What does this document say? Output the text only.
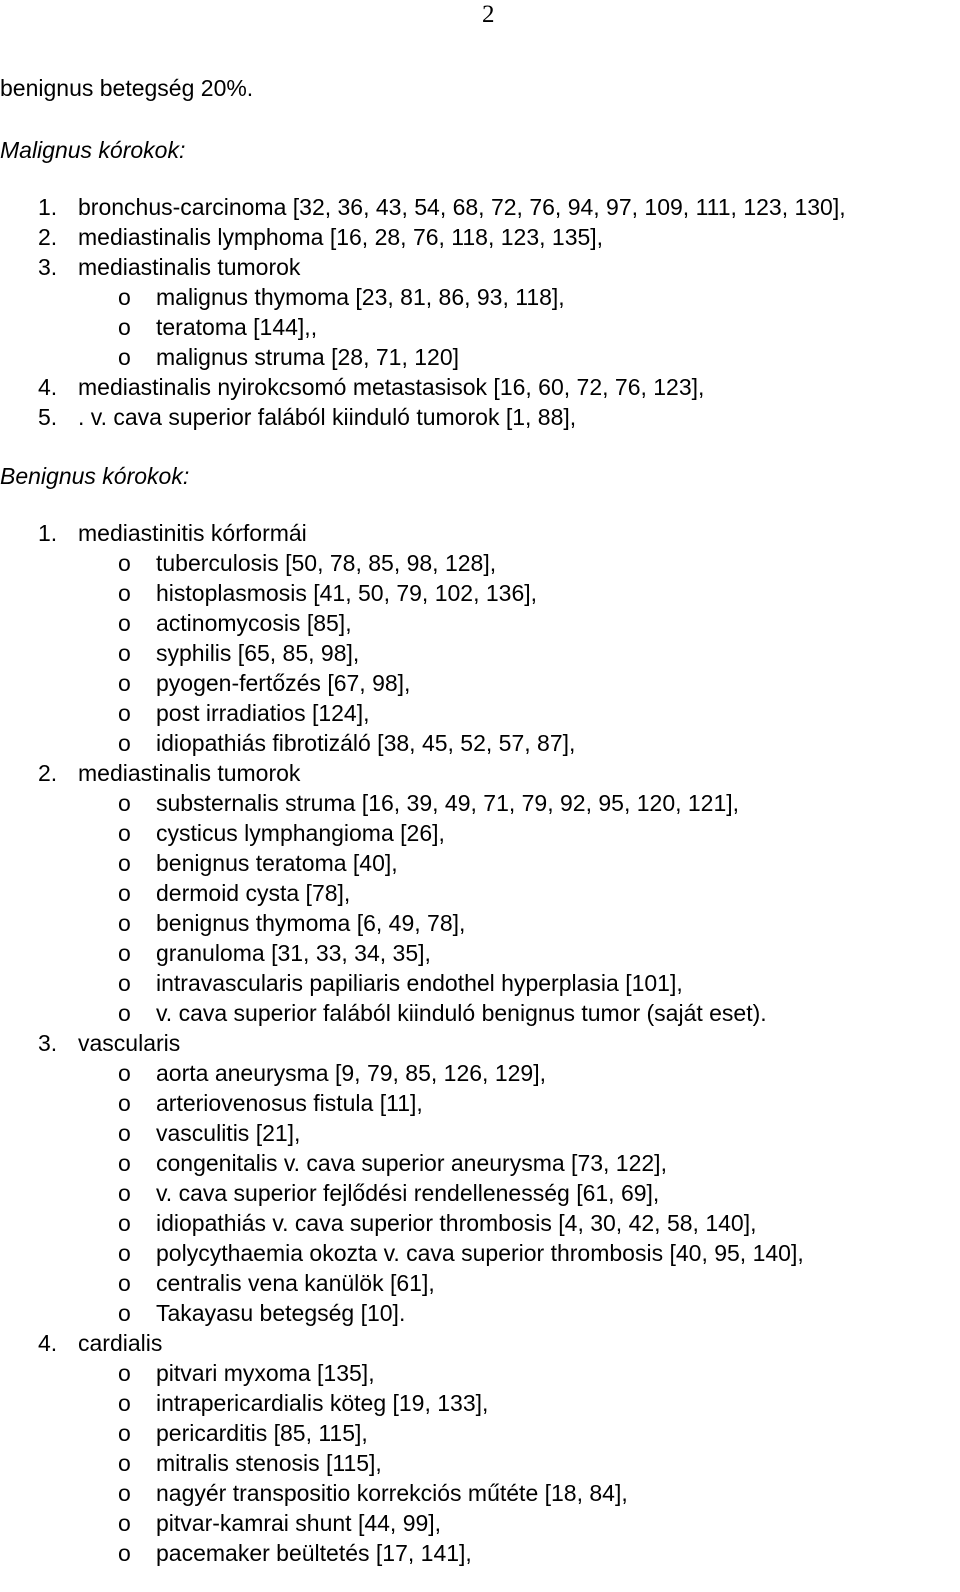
2

benignus betegség 20%.

Malignus kórokok:

1. bronchus-carcinoma [32, 36, 43, 54, 68, 72, 76, 94, 97, 109, 111, 123, 130],
2. mediastinalis lymphoma [16, 28, 76, 118, 123, 135],
3. mediastinalis tumorok
o malignus thymoma [23, 81, 86, 93, 118],
o teratoma [144],,
o malignus struma [28, 71, 120]
4. mediastinalis nyirokcsomó metastasisok [16, 60, 72, 76, 123],
5. . v. cava superior falából kiinduló tumorok [1, 88],

Benignus kórokok:

1. mediastinitis kórformái
o tuberculosis [50, 78, 85, 98, 128],
o histoplasmosis [41, 50, 79, 102, 136],
o actinomycosis [85],
o syphilis [65, 85, 98],
o pyogen-fertőzés [67, 98],
o post irradiatios [124],
o idiopathiás fibrotizáló [38, 45, 52, 57, 87],
2. mediastinalis tumorok
o substernalis struma [16, 39, 49, 71, 79, 92, 95, 120, 121],
o cysticus lymphangioma [26],
o benignus teratoma [40],
o dermoid cysta [78],
o benignus thymoma [6, 49, 78],
o granuloma [31, 33, 34, 35],
o intravascularis papiliaris endothel hyperplasia [101],
o v. cava superior falából kiinduló benignus tumor (saját eset).
3. vascularis
o aorta aneurysma [9, 79, 85, 126, 129],
o arteriovenosus fistula [11],
o vasculitis [21],
o congenitalis v. cava superior aneurysma [73, 122],
o v. cava superior fejlődési rendellenesség [61, 69],
o idiopathiás v. cava superior thrombosis [4, 30, 42, 58, 140],
o polycythaemia okozta v. cava superior thrombosis [40, 95, 140],
o centralis vena kanülök [61],
o Takayasu betegség [10].
4. cardialis
o pitvari myxoma [135],
o intrapericardialis köteg [19, 133],
o pericarditis [85, 115],
o mitralis stenosis [115],
o nagyér transpositio korrekciós műtéte [18, 84],
o pitvar-kamrai shunt [44, 99],
o pacemaker beültetés [17, 141],
